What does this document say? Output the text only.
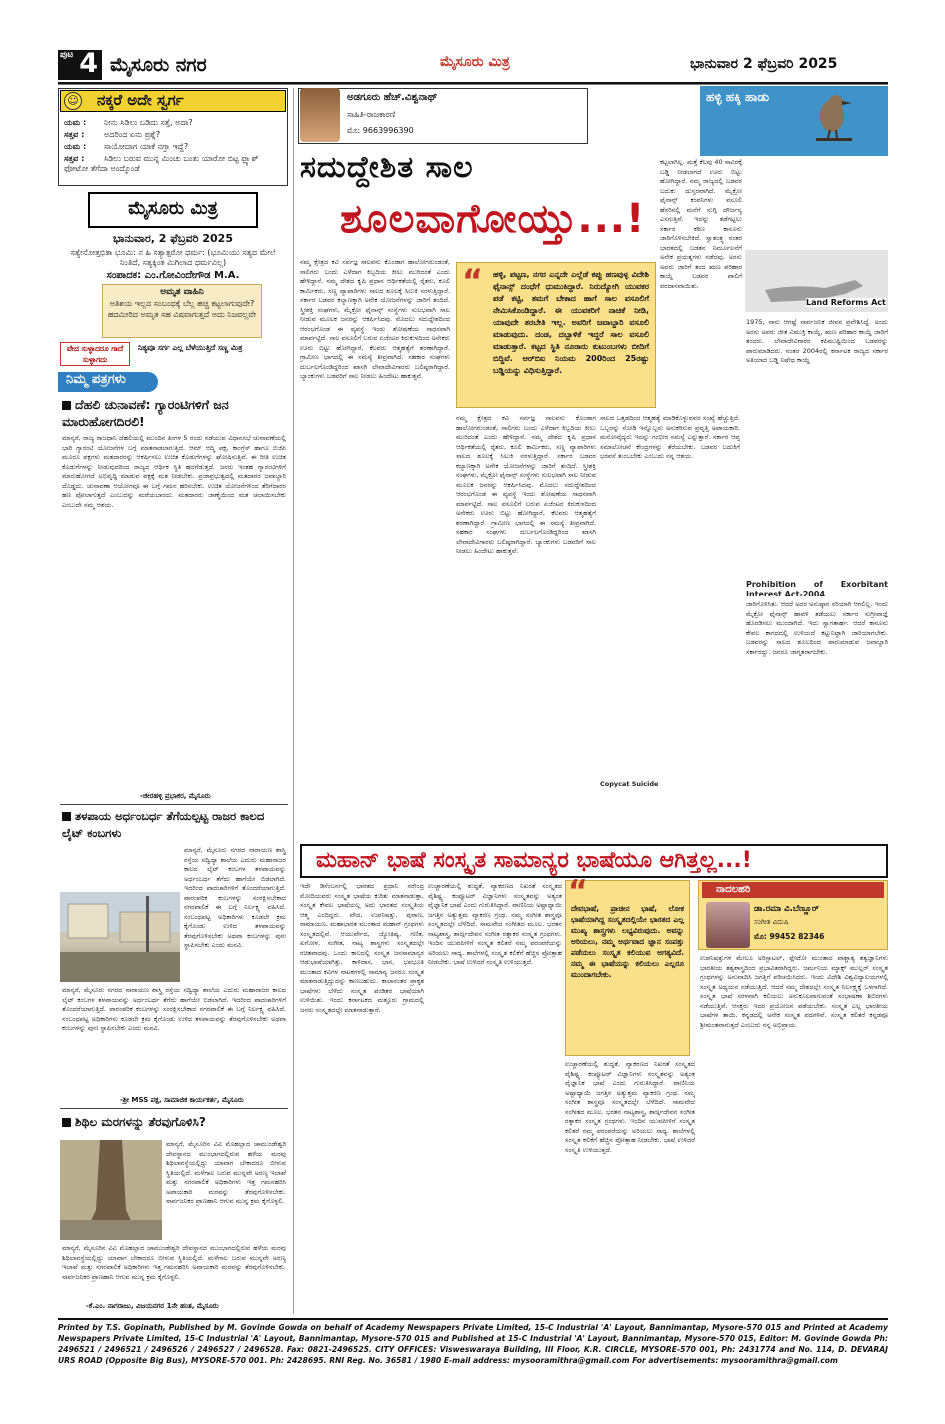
ಪುಟ 4 ಮೈಸೂರು ನಗರ	ಮೈಸೂರು ಮಿತ್ರ	ಭಾನುವಾರ 2 ಫೆಬ್ರವರಿ 2025
ನಕ್ಕರೆ ಅದೇ ಸ್ವರ್ಗ
☺
ಯಮ : ನೀನು ಸಿಡಿಲು ಬಡಿದು ಸತ್ತೆ, ಅದಾ?
ಸತ್ತವ : ಅದರಿಂದ ಏನು ಪ್ರಶ್ನೆ?
ಯಮ : ಸಾಯೋದಾಗ ಯಾಕೆ ನಗ್ತಾ ಇದ್ದೆ?
ಸತ್ತವ : ಸಿಡಿಲು ಬರುವ ಮುನ್ನ ಮಿಂಚು ಬಂತು ಯಾರೋ ಬಿಟ್ಟ ಫ್ಲ್ಯಾಶ್ ಫೋಟೋ ತೆಗೆದಾ ಅಂದ್ಕೊಂಡೆ
ಮೈಸೂರು ಮಿತ್ರ
ಭಾನುವಾರ, 2 ಫೆಬ್ರವರಿ 2025
ಸತ್ಯೇನೋತ್ತಭಿತಾ ಭೂಮಿ: ನ ಹಿ ಸತ್ಯಾತ್ಪರೋ ಧರ್ಮ: (ಭೂಮಿಯು ಸತ್ಯದ ಮೇಲೆ ನಿಂತಿದೆ, ಸತ್ಯಕ್ಕಿಂತ ಮಿಗಿಲಾದ ಧರ್ಮವಿಲ್ಲ)
ಸಂಪಾದಕ: ಎಂ.ಗೋವಿಂದೇಗೌಡ M.A.
ಅಮೃತ ವಾಹಿನಿ
ಅತಿಶಯ ಇಲ್ಲದ ಸಂಬಂಧಕ್ಕೆ ಬೆಲ್ಲ ಹಚ್ಚಿ ಕಟ್ಟಲಾಗುವುದೇ? ಹದಮೀರಿದ ಅಮೃತ ಸಹ ವಿಷವಾಗುತ್ತದೆ ಅದು ನಿಜವಲ್ಲವೇ
ವೇದ ಸುಳ್ಳಾದರೂ ಗಾದೆ ಸುಳ್ಳಾಗದು
ನಿತ್ಯವೂ ಸರ್ಗ ಎಲ್ಲ ಬೆಳೆಯುತ್ತಿದೆ ಸಣ್ಣ ಮಿತ್ರ
ನಿಮ್ಮ ಪತ್ರಗಳು
ದೆಹಲಿ ಚುನಾವಣೆ: ಗ್ಯಾರಂಟಿಗಳಿಗೆ ಜನ ಮಾರುಹೋಗದಿರಲಿ!
ಮಾನ್ಯರೆ, ರಾಜ್ಯ ರಾಜಧಾನಿ ದೆಹಲಿಯಲ್ಲಿ ಮುಂದಿನ ತಿಂಗಳ 5 ರಂದು ನಡೆಯುವ ವಿಧಾನಸಭೆ ಚುನಾವಣೆಯಲ್ಲಿ ಭಾರಿ ಗ್ಯಾರಂಟಿ ಯೋಜನೆಗಳ ಬಗ್ಗೆ ಮಾತನಾಡಲಾಗುತ್ತಿದೆ. ಆಮ್ ಆದ್ಮಿ ಪಕ್ಷ, ಕಾಂಗ್ರೆಸ್ ಹಾಗೂ ಬಿಜೆಪಿ ಮೂರೂ ಪಕ್ಷಗಳು ಮತದಾರರನ್ನು ಆಕರ್ಷಿಸಲು ಉಚಿತ ಕೊಡುಗೆಗಳನ್ನು ಘೋಷಿಸುತ್ತಿವೆ. ಈ ರೀತಿ ಉಚಿತ ಕೊಡುಗೆಗಳನ್ನು ನೀಡುವುದರಿಂದ ರಾಜ್ಯದ ಆರ್ಥಿಕ ಸ್ಥಿತಿ ಹದಗೆಡುತ್ತದೆ. ಜನರು ಇಂತಹ ಗ್ಯಾರಂಟಿಗಳಿಗೆ ಮಾರುಹೋಗದೆ ಅಭಿವೃದ್ಧಿ ಮಾಡುವ ಪಕ್ಷಕ್ಕೆ ಮತ ನೀಡಬೇಕು. ಪ್ರಜಾಪ್ರಭುತ್ವದಲ್ಲಿ ಮತದಾರರ ಜವಾಬ್ದಾರಿ ದೊಡ್ಡದು. ಚುನಾವಣಾ ಆಯೋಗವೂ ಈ ಬಗ್ಗೆ ಗಮನ ಹರಿಸಬೇಕು. ಉಚಿತ ಯೋಜನೆಗಳಿಂದ ತೆರಿಗೆದಾರರ ಹಣ ಪೋಲಾಗುತ್ತದೆ ಎಂಬುದನ್ನು ಮರೆಯಬಾರದು. ಮತದಾರರು ಜಾಣ್ಮೆಯಿಂದ ಮತ ಚಲಾಯಿಸಬೇಕು ಎಂಬುದೇ ನಮ್ಮ ಆಶಯ.
-ಜೀರಹಳ್ಳಿ ಪ್ರಭಾಕರ, ಮೈಸೂರು
ತಳಪಾಯ ಅರ್ಧಂಬರ್ಧ ತೆಗೆಯಲ್ಪಟ್ಟ ರಾಜರ ಕಾಲದ ಲೈಟ್ ಕಂಬಗಳು
ಮಾನ್ಯರೆ, ಮೈಸೂರು ನಗರದ ನಾರಾಯಣ ಶಾಸ್ತ್ರಿ ರಸ್ತೆಯ ಸದ್ವಿದ್ಯಾ ಶಾಲೆಯ ಎದುರು ಮಹಾರಾಜರ ಕಾಲದ ಲೈಟ್ ಕಂಬಗಳ ತಳಪಾಯವನ್ನು ಅರ್ಧಂಬರ್ಧ ತೆಗೆದು ಹಾಗೆಯೇ ಬಿಡಲಾಗಿದೆ. ಇದರಿಂದ ಪಾದಚಾರಿಗಳಿಗೆ ತೊಂದರೆಯಾಗುತ್ತಿದೆ. ಪಾರಂಪರಿಕ ಕಂಬಗಳನ್ನು ಸಂರಕ್ಷಿಸಬೇಕಾದ ನಗರಪಾಲಿಕೆ ಈ ಬಗ್ಗೆ ನಿರ್ಲಕ್ಷ್ಯ ವಹಿಸಿದೆ. ಸಂಬಂಧಪಟ್ಟ ಅಧಿಕಾರಿಗಳು ಕೂಡಲೇ ಕ್ರಮ ಕೈಗೊಂಡು ಉಳಿದ ತಳಪಾಯವನ್ನು ತೆರವುಗೊಳಿಸಬೇಕು ಅಥವಾ ಕಂಬಗಳನ್ನು ಪುನಃ ಸ್ಥಾಪಿಸಬೇಕು ಎಂದು ಮನವಿ.
ಮಾನ್ಯರೆ, ಮೈಸೂರು ನಗರದ ನಾರಾಯಣ ಶಾಸ್ತ್ರಿ ರಸ್ತೆಯ ಸದ್ವಿದ್ಯಾ ಶಾಲೆಯ ಎದುರು ಮಹಾರಾಜರ ಕಾಲದ ಲೈಟ್ ಕಂಬಗಳ ತಳಪಾಯವನ್ನು ಅರ್ಧಂಬರ್ಧ ತೆಗೆದು ಹಾಗೆಯೇ ಬಿಡಲಾಗಿದೆ. ಇದರಿಂದ ಪಾದಚಾರಿಗಳಿಗೆ ತೊಂದರೆಯಾಗುತ್ತಿದೆ. ಪಾರಂಪರಿಕ ಕಂಬಗಳನ್ನು ಸಂರಕ್ಷಿಸಬೇಕಾದ ನಗರಪಾಲಿಕೆ ಈ ಬಗ್ಗೆ ನಿರ್ಲಕ್ಷ್ಯ ವಹಿಸಿದೆ. ಸಂಬಂಧಪಟ್ಟ ಅಧಿಕಾರಿಗಳು ಕೂಡಲೇ ಕ್ರಮ ಕೈಗೊಂಡು ಉಳಿದ ತಳಪಾಯವನ್ನು ತೆರವುಗೊಳಿಸಬೇಕು ಅಥವಾ ಕಂಬಗಳನ್ನು ಪುನಃ ಸ್ಥಾಪಿಸಬೇಕು ಎಂದು ಮನವಿ.
-ಶ್ರೀ MSS ಪಕ್ಷ, ಸಾಮಾಜಿಕ ಕಾರ್ಯಕರ್ತ, ಮೈಸೂರು
ಶಿಥಿಲ ಮರಗಳನ್ನು ತೆರವುಗೊಳಿಸಿ?
ಮಾನ್ಯರೆ, ಮೈಸೂರಿನ ವಿವಿ ಮೊಹಲ್ಲಾದ ಚಾಮುಂಡೇಶ್ವರಿ ದೇವಸ್ಥಾನದ ಮುಂಭಾಗದಲ್ಲಿರುವ ಹಳೆಯ ಮರವು ಶಿಥಿಲಾವಸ್ಥೆಯಲ್ಲಿದ್ದು ಯಾವಾಗ ಬೇಕಾದರೂ ಬೀಳುವ ಸ್ಥಿತಿಯಲ್ಲಿದೆ. ಮಳೆಗಾಲ ಬರುವ ಮುನ್ನವೇ ಅರಣ್ಯ ಇಲಾಖೆ ಮತ್ತು ನಗರಪಾಲಿಕೆ ಅಧಿಕಾರಿಗಳು ಇತ್ತ ಗಮನಹರಿಸಿ ಅಪಾಯಕಾರಿ ಮರವನ್ನು ತೆರವುಗೊಳಿಸಬೇಕು. ಸಾರ್ವಜನಿಕರ ಪ್ರಾಣಹಾನಿ ಆಗುವ ಮುನ್ನ ಕ್ರಮ ಕೈಗೊಳ್ಳಲಿ.
ಮಾನ್ಯರೆ, ಮೈಸೂರಿನ ವಿವಿ ಮೊಹಲ್ಲಾದ ಚಾಮುಂಡೇಶ್ವರಿ ದೇವಸ್ಥಾನದ ಮುಂಭಾಗದಲ್ಲಿರುವ ಹಳೆಯ ಮರವು ಶಿಥಿಲಾವಸ್ಥೆಯಲ್ಲಿದ್ದು ಯಾವಾಗ ಬೇಕಾದರೂ ಬೀಳುವ ಸ್ಥಿತಿಯಲ್ಲಿದೆ. ಮಳೆಗಾಲ ಬರುವ ಮುನ್ನವೇ ಅರಣ್ಯ ಇಲಾಖೆ ಮತ್ತು ನಗರಪಾಲಿಕೆ ಅಧಿಕಾರಿಗಳು ಇತ್ತ ಗಮನಹರಿಸಿ ಅಪಾಯಕಾರಿ ಮರವನ್ನು ತೆರವುಗೊಳಿಸಬೇಕು. ಸಾರ್ವಜನಿಕರ ಪ್ರಾಣಹಾನಿ ಆಗುವ ಮುನ್ನ ಕ್ರಮ ಕೈಗೊಳ್ಳಲಿ.
-ಕೆ.ಎಂ. ನಾಗರಾಜು, ವಿಜಯನಗರ 1ನೇ ಹಂತ, ಮೈಸೂರು
ಅಡಗೂರು ಹೆಚ್.ವಿಶ್ವನಾಥ್
ಸಾಹಿತಿ-ರಾಜಕಾರಣಿ
ಮೊ: 9663996390
ಹಳ್ಳಿ ಹಕ್ಕಿ ಹಾಡು
ಸದುದ್ದೇಶಿತ ಸಾಲ
ಶೂಲವಾಗೋಯ್ತು...!
ನಮ್ಮ ಕ್ಷೇತ್ರದ ಕವಿ ಸರ್ವಜ್ಞ ಸಾಲವನು ಕೊಂಡಾಗ ಹಾಲೋಗರುಂಡಂತೆ, ಸಾಲಿಗರು ಬಂದು ಎಳೆದಾಗ ಕಿಬ್ಬದಿಯ ಕೀಲು ಮುರಿದಂತೆ ಎಂದು ಹೇಳಿದ್ದಾನೆ. ನಮ್ಮ ದೇಶದ ಕೃಷಿ ಪ್ರಧಾನ ಆರ್ಥಿಕತೆಯಲ್ಲಿ ರೈತರು, ಕೂಲಿ ಕಾರ್ಮಿಕರು, ಸಣ್ಣ ವ್ಯಾಪಾರಿಗಳು ಸಾಲದ ಶೂಲಕ್ಕೆ ಸಿಲುಕಿ ನರಳುತ್ತಿದ್ದಾರೆ. ಸರ್ಕಾರ ಬಡವರ ಕಲ್ಯಾಣಕ್ಕಾಗಿ ಅನೇಕ ಯೋಜನೆಗಳನ್ನು ಜಾರಿಗೆ ತಂದಿದೆ. ಸ್ತ್ರೀಶಕ್ತಿ ಸಂಘಗಳು, ಮೈಕ್ರೋ ಫೈನಾನ್ಸ್ ಸಂಸ್ಥೆಗಳು ಸುಲಭವಾಗಿ ಸಾಲ ನೀಡುವ ಮೂಲಕ ಜನರನ್ನು ಆಕರ್ಷಿಸಿದವು. ಮೊದಲು ಸದುದ್ದೇಶದಿಂದ ಆರಂಭಗೊಂಡ ಈ ವ್ಯವಸ್ಥೆ ಇಂದು ಶೋಷಣೆಯ ಸಾಧನವಾಗಿ ಮಾರ್ಪಟ್ಟಿದೆ. ಸಾಲ ವಸೂಲಿಗೆ ಬರುವ ಏಜೆಂಟರ ಕಿರುಕುಳದಿಂದ ಅನೇಕರು ಊರು ಬಿಟ್ಟು ಹೋಗಿದ್ದಾರೆ, ಕೆಲವರು ಆತ್ಮಹತ್ಯೆಗೆ ಶರಣಾಗಿದ್ದಾರೆ. ಗ್ರಾಮೀಣ ಭಾಗದಲ್ಲಿ ಈ ಸಮಸ್ಯೆ ತೀವ್ರವಾಗಿದೆ. ಸಹಕಾರ ಸಂಘಗಳು ದುರ್ಬಲಗೊಂಡಿದ್ದರಿಂದ ಖಾಸಗಿ ಲೇವಾದೇವಿಗಾರರು ಬಲಿಷ್ಠರಾಗಿದ್ದಾರೆ. ಬ್ಯಾಂಕುಗಳು ಬಡವರಿಗೆ ಸಾಲ ನೀಡಲು ಹಿಂದೇಟು ಹಾಕುತ್ತವೆ.
ಹಳ್ಳಿ, ಪಟ್ಟಣ, ನಗರ ಎನ್ನದೇ ಎಲ್ಲೆಡೆ ಕಪ್ಪು ಹಣವುಳ್ಳ ವಿದೇಶಿ ಫೈನಾನ್ಸ್ ದಂಧೆಗೆ ಧುಮುಕಿದ್ದಾರೆ. ನಿರುದ್ಯೋಗಿ ಯುವಕರ ಪಡೆ ಕಟ್ಟಿ, ತಮಗೆ ಬೇಕಾದ ಹಾಗೆ ಸಾಲ ವಸೂಲಿಗೆ ನೇಮಿಸಿಕೊಂಡಿದ್ದಾರೆ. ಈ ಯುವಕರಿಗೆ ನಾಚಿಕೆ ನೀಡಿ, ಯಾವುದೇ ತರಬೇತಿ ಇಲ್ಲ. ಅವರಿಗೆ ಜವಾಬ್ದಾರಿ ವಸೂಲಿ ಮಾಡುವುದು. ದಂಡ, ದಬ್ಬಾಳಿಕೆ ಇದ್ದರೆ ಸಾಲ ವಸೂಲಿ ಮಾಡುತ್ತಾರೆ. ಕಟ್ಟದ ಸ್ಥಿತಿ ನೂರಾರು ಕುಟುಂಬಗಳು ಬೀದಿಗೆ ಬಿದ್ದಿವೆ. ಆರ್‌ಬಿಐ ನಿಯಮ 200ರಿಂದ 25ರಷ್ಟು ಬಡ್ಡಿಯನ್ನು ವಿಧಿಸುತ್ತಿದ್ದಾರೆ.
“
ನಮ್ಮ ಕ್ಷೇತ್ರದ ಕವಿ ಸರ್ವಜ್ಞ ಸಾಲವನು ಕೊಂಡಾಗ ಹಾಲೋಗರುಂಡಂತೆ, ಸಾಲಿಗರು ಬಂದು ಎಳೆದಾಗ ಕಿಬ್ಬದಿಯ ಕೀಲು ಮುರಿದಂತೆ ಎಂದು ಹೇಳಿದ್ದಾನೆ. ನಮ್ಮ ದೇಶದ ಕೃಷಿ ಪ್ರಧಾನ ಆರ್ಥಿಕತೆಯಲ್ಲಿ ರೈತರು, ಕೂಲಿ ಕಾರ್ಮಿಕರು, ಸಣ್ಣ ವ್ಯಾಪಾರಿಗಳು ಸಾಲದ ಶೂಲಕ್ಕೆ ಸಿಲುಕಿ ನರಳುತ್ತಿದ್ದಾರೆ. ಸರ್ಕಾರ ಬಡವರ ಕಲ್ಯಾಣಕ್ಕಾಗಿ ಅನೇಕ ಯೋಜನೆಗಳನ್ನು ಜಾರಿಗೆ ತಂದಿದೆ. ಸ್ತ್ರೀಶಕ್ತಿ ಸಂಘಗಳು, ಮೈಕ್ರೋ ಫೈನಾನ್ಸ್ ಸಂಸ್ಥೆಗಳು ಸುಲಭವಾಗಿ ಸಾಲ ನೀಡುವ ಮೂಲಕ ಜನರನ್ನು ಆಕರ್ಷಿಸಿದವು. ಮೊದಲು ಸದುದ್ದೇಶದಿಂದ ಆರಂಭಗೊಂಡ ಈ ವ್ಯವಸ್ಥೆ ಇಂದು ಶೋಷಣೆಯ ಸಾಧನವಾಗಿ ಮಾರ್ಪಟ್ಟಿದೆ. ಸಾಲ ವಸೂಲಿಗೆ ಬರುವ ಏಜೆಂಟರ ಕಿರುಕುಳದಿಂದ ಅನೇಕರು ಊರು ಬಿಟ್ಟು ಹೋಗಿದ್ದಾರೆ, ಕೆಲವರು ಆತ್ಮಹತ್ಯೆಗೆ ಶರಣಾಗಿದ್ದಾರೆ. ಗ್ರಾಮೀಣ ಭಾಗದಲ್ಲಿ ಈ ಸಮಸ್ಯೆ ತೀವ್ರವಾಗಿದೆ. ಸಹಕಾರ ಸಂಘಗಳು ದುರ್ಬಲಗೊಂಡಿದ್ದರಿಂದ ಖಾಸಗಿ ಲೇವಾದೇವಿಗಾರರು ಬಲಿಷ್ಠರಾಗಿದ್ದಾರೆ. ಬ್ಯಾಂಕುಗಳು ಬಡವರಿಗೆ ಸಾಲ ನೀಡಲು ಹಿಂದೇಟು ಹಾಕುತ್ತವೆ.
ಸಾಲದ ಒತ್ತಡದಿಂದ ಆತ್ಮಹತ್ಯೆ ಮಾಡಿಕೊಳ್ಳುವವರ ಸಂಖ್ಯೆ ಹೆಚ್ಚುತ್ತಿದೆ. ಒಬ್ಬರನ್ನು ನೋಡಿ ಇನ್ನೊಬ್ಬರು ಅನುಕರಿಸುವ ಪ್ರವೃತ್ತಿ ಅಪಾಯಕಾರಿ. ಮನೋವೈದ್ಯರು ಇದನ್ನು ಗಂಭೀರ ಸಮಸ್ಯೆ ಎನ್ನುತ್ತಾರೆ. ಸರ್ಕಾರ ಆಪ್ತ ಸಮಾಲೋಚನೆ ಕೇಂದ್ರಗಳನ್ನು ತೆರೆಯಬೇಕು. ಬಡವರ ಬದುಕಿಗೆ ಭರವಸೆ ತುಂಬಬೇಕು ಎಂಬುದು ನನ್ನ ಆಶಯ.
Copycat Suicide
ಕಟ್ಟಲಾಗಿಲ್ಲ. ಮತ್ತೆ ಕೆಲವು 40 ಸಾವಿರಕ್ಕೆ ಬಡ್ಡಿ ನೀಡಲಾಗದೆ ಊರು ಬಿಟ್ಟು ಹೋಗಿದ್ದಾರೆ. ನಮ್ಮ ರಾಜ್ಯದಲ್ಲಿ ಬಡವರ ಬದುಕು ದುಸ್ತರವಾಗಿದೆ. ಮೈಕ್ರೋ ಫೈನಾನ್ಸ್ ಕಂಪನಿಗಳು ವಸೂಲಿ ಹೆಸರಿನಲ್ಲಿ ಮನೆಗೆ ನುಗ್ಗಿ ದೌರ್ಜನ್ಯ ಎಸಗುತ್ತಿವೆ. ಇದನ್ನು ತಡೆಗಟ್ಟಲು ಸರ್ಕಾರ ಕಠಿಣ ಕಾನೂನು ಜಾರಿಗೊಳಿಸಬೇಕಿದೆ. ಸ್ವಾತಂತ್ರ್ಯ ನಂತರ ಭಾರತದಲ್ಲಿ ಬಡತನ ನಿರ್ಮೂಲನೆಗೆ ಅನೇಕ ಪ್ರಯತ್ನಗಳು ನಡೆದವು. ಅರಸು ಅವರು ಜಾರಿಗೆ ತಂದ ಋಣ ಪರಿಹಾರ ಕಾಯ್ದೆ ಬಡವರ ಪಾಲಿಗೆ ವರದಾನವಾಯಿತು.
1975, ನಾನು ಆಗಷ್ಟೆ ಸಾರ್ವಜನಿಕ ಜೀವನ ಪ್ರವೇಶಿಸಿದ್ದೆ. ಅಂದು ಅರಸು ಅವರು ಜೀತ ವಿಮುಕ್ತಿ ಕಾಯ್ದೆ, ಋಣ ಪರಿಹಾರ ಕಾಯ್ದೆ ಜಾರಿಗೆ ತಂದರು. ಲೇವಾದೇವಿಗಾರರ ಕಪಿಮುಷ್ಟಿಯಿಂದ ಬಡವರನ್ನು ಪಾರುಮಾಡಿದರು. ನಂತರ 2004ರಲ್ಲಿ ಕರ್ನಾಟಕ ರಾಜ್ಯದ ಸರ್ಕಾರ ಅತಿಯಾದ ಬಡ್ಡಿ ನಿಷೇಧ ಕಾಯ್ದೆ
Prohibition of Exorbitant Interest Act-2004
ಜಾರಿಗೊಳಿಸಿತು. ಆದರೆ ಅದರ ಅನುಷ್ಠಾನ ಸರಿಯಾಗಿ ಆಗಲಿಲ್ಲ. ಇಂದು ಮೈಕ್ರೋ ಫೈನಾನ್ಸ್ ಹಾವಳಿ ತಡೆಯಲು ಸರ್ಕಾರ ಸುಗ್ರೀವಾಜ್ಞೆ ಹೊರಡಿಸಲು ಮುಂದಾಗಿದೆ. ಇದು ಸ್ವಾಗತಾರ್ಹ. ಆದರೆ ಕಾನೂನು ಕೇವಲ ಕಾಗದದಲ್ಲಿ ಉಳಿಯದೆ ಕಟ್ಟುನಿಟ್ಟಾಗಿ ಜಾರಿಯಾಗಬೇಕು. ಬಡವರನ್ನು ಸಾಲದ ಶೂಲದಿಂದ ಪಾರುಮಾಡುವ ಜವಾಬ್ದಾರಿ ಸರ್ಕಾರದ್ದು. ಜನರೂ ಜಾಗೃತರಾಗಬೇಕು.
Land Reforms Act
ಮಹಾನ್ ಭಾಷೆ ಸಂಸ್ಕೃತ ಸಾಮಾನ್ಯರ ಭಾಷೆಯೂ ಆಗಿತ್ತಲ್ಲ...!
ಇದೇ ಡಿಸೆಂಬರ್ನಲ್ಲಿ ಭಾರತದ ಪ್ರಧಾನಿ ನರೇಂದ್ರ ಮೋದಿಯವರು ಸಂಸ್ಕೃತ ಭಾಷೆಯ ಕುರಿತು ಮಾತನಾಡುತ್ತಾ, ಸಂಸ್ಕೃತ ಕೇವಲ ಭಾಷೆಯಲ್ಲ ಅದು ಭಾರತದ ಸಂಸ್ಕೃತಿಯ ಆತ್ಮ ಎಂದಿದ್ದರು. ವೇದ, ಉಪನಿಷತ್ತು, ಪುರಾಣ, ರಾಮಾಯಣ, ಮಹಾಭಾರತ ಮುಂತಾದ ಮಹಾನ್ ಗ್ರಂಥಗಳು ಸಂಸ್ಕೃತದಲ್ಲಿವೆ. ಆಯುರ್ವೇದ, ಜ್ಯೋತಿಷ್ಯ, ಗಣಿತ, ಖಗೋಳ, ಸಂಗೀತ, ನಾಟ್ಯ ಶಾಸ್ತ್ರಗಳು ಸಂಸ್ಕೃತದಲ್ಲೇ ರಚಿತವಾದವು. ಒಂದು ಕಾಲದಲ್ಲಿ ಸಂಸ್ಕೃತ ಜನಸಾಮಾನ್ಯರ ಆಡುಭಾಷೆಯಾಗಿತ್ತು. ಕಾಳಿದಾಸ, ಭಾಸ, ಭವಭೂತಿ ಮುಂತಾದ ಕವಿಗಳ ನಾಟಕಗಳಲ್ಲಿ ಸಾಮಾನ್ಯ ಜನರೂ ಸಂಸ್ಕೃತ ಮಾತನಾಡುತ್ತಿದ್ದುದನ್ನು ಕಾಣಬಹುದು. ಕಾಲಾನಂತರ ಪ್ರಾಕೃತ ಭಾಷೆಗಳು ಬೆಳೆದು ಸಂಸ್ಕೃತ ಪಂಡಿತರ ಭಾಷೆಯಾಗಿ ಉಳಿಯಿತು. ಇಂದು ಕರ್ನಾಟಕದ ಮತ್ತೂರು ಗ್ರಾಮದಲ್ಲಿ ಜನರು ಸಂಸ್ಕೃತದಲ್ಲೇ ಮಾತನಾಡುತ್ತಾರೆ.
ಉಚ್ಚಾರಣೆಯಲ್ಲಿ ಶುದ್ಧತೆ, ವ್ಯಾಕರಣದ ನಿಖರತೆ ಸಂಸ್ಕೃತದ ವೈಶಿಷ್ಟ್ಯ. ಕಂಪ್ಯೂಟರ್ ವಿಜ್ಞಾನಿಗಳು ಸಂಸ್ಕೃತವನ್ನು ಅತ್ಯಂತ ವೈಜ್ಞಾನಿಕ ಭಾಷೆ ಎಂದು ಗುರುತಿಸಿದ್ದಾರೆ. ಪಾಣಿನಿಯ ಅಷ್ಟಾಧ್ಯಾಯಿ ಜಗತ್ತಿನ ಅತ್ಯುತ್ತಮ ವ್ಯಾಕರಣ ಗ್ರಂಥ. ನಮ್ಮ ಸಂಗೀತ ಶಾಸ್ತ್ರವೂ ಸಂಸ್ಕೃತದಲ್ಲೇ ಬೆಳೆದಿದೆ. ಸಾಮವೇದ ಸಂಗೀತದ ಮೂಲ. ಭರತನ ನಾಟ್ಯಶಾಸ್ತ್ರ, ಶಾರ್ಙ್ಗದೇವನ ಸಂಗೀತ ರತ್ನಾಕರ ಸಂಸ್ಕೃತ ಗ್ರಂಥಗಳು. ಇಂದಿನ ಯುವಪೀಳಿಗೆ ಸಂಸ್ಕೃತ ಕಲಿತರೆ ನಮ್ಮ ಪರಂಪರೆಯನ್ನು ಅರಿಯಲು ಸಾಧ್ಯ. ಶಾಲೆಗಳಲ್ಲಿ ಸಂಸ್ಕೃತ ಕಲಿಕೆಗೆ ಹೆಚ್ಚಿನ ಪ್ರೋತ್ಸಾಹ ನೀಡಬೇಕು. ಭಾಷೆ ಉಳಿದರೆ ಸಂಸ್ಕೃತಿ ಉಳಿಯುತ್ತದೆ.
ದೇವಭಾಷೆ, ಪ್ರಾಚೀನ ಭಾಷೆ, ಲೋಕ ಭಾಷೆಯಾಗಿದ್ದ ಸಂಸ್ಕೃತದಲ್ಲಿಯೇ ಭಾರತದ ಎಲ್ಲ ಮುಖ್ಯ ಶಾಸ್ತ್ರಗಳು ಲಭ್ಯವಿರುವುದು. ಅವನ್ನು ಅರಿಯಲು, ನಮ್ಮ ಅರ್ಥವಾದ ಜ್ಞಾನ ಸಂಪತ್ತು ಪಡೆಯಲು ಸಂಸ್ಕೃತ ಕಲಿಯುವ ಅಗತ್ಯವಿದೆ. ನಮ್ಮ ಈ ಭಾಷೆಯನ್ನು ಕಲಿಯಲು ಎಲ್ಲರೂ ಮುಂದಾಗಬೇಕು.
“
ಉಚ್ಚಾರಣೆಯಲ್ಲಿ ಶುದ್ಧತೆ, ವ್ಯಾಕರಣದ ನಿಖರತೆ ಸಂಸ್ಕೃತದ ವೈಶಿಷ್ಟ್ಯ. ಕಂಪ್ಯೂಟರ್ ವಿಜ್ಞಾನಿಗಳು ಸಂಸ್ಕೃತವನ್ನು ಅತ್ಯಂತ ವೈಜ್ಞಾನಿಕ ಭಾಷೆ ಎಂದು ಗುರುತಿಸಿದ್ದಾರೆ. ಪಾಣಿನಿಯ ಅಷ್ಟಾಧ್ಯಾಯಿ ಜಗತ್ತಿನ ಅತ್ಯುತ್ತಮ ವ್ಯಾಕರಣ ಗ್ರಂಥ. ನಮ್ಮ ಸಂಗೀತ ಶಾಸ್ತ್ರವೂ ಸಂಸ್ಕೃತದಲ್ಲೇ ಬೆಳೆದಿದೆ. ಸಾಮವೇದ ಸಂಗೀತದ ಮೂಲ. ಭರತನ ನಾಟ್ಯಶಾಸ್ತ್ರ, ಶಾರ್ಙ್ಗದೇವನ ಸಂಗೀತ ರತ್ನಾಕರ ಸಂಸ್ಕೃತ ಗ್ರಂಥಗಳು. ಇಂದಿನ ಯುವಪೀಳಿಗೆ ಸಂಸ್ಕೃತ ಕಲಿತರೆ ನಮ್ಮ ಪರಂಪರೆಯನ್ನು ಅರಿಯಲು ಸಾಧ್ಯ. ಶಾಲೆಗಳಲ್ಲಿ ಸಂಸ್ಕೃತ ಕಲಿಕೆಗೆ ಹೆಚ್ಚಿನ ಪ್ರೋತ್ಸಾಹ ನೀಡಬೇಕು. ಭಾಷೆ ಉಳಿದರೆ ಸಂಸ್ಕೃತಿ ಉಳಿಯುತ್ತದೆ.
ನಾದಲಹರಿ
ಡಾ.ರಮಾ ವಿ.ಬೆಣ್ಣೂರ್
ಸಂಗೀತ ವಿದುಷಿ
ಮೊ: 99452 82346
ಉಪನಿಷತ್ತುಗಳ ಮೇಲೂ ಅರಿಸ್ಟಾಟಲ್, ಪ್ಲೇಟೋ ಮುಂತಾದ ಪಾಶ್ಚಾತ್ಯ ತತ್ವಜ್ಞಾನಿಗಳು ಭಾರತೀಯ ತತ್ವಶಾಸ್ತ್ರದಿಂದ ಪ್ರಭಾವಿತರಾಗಿದ್ದರು. ಜರ್ಮನಿಯ ಮ್ಯಾಕ್ಸ್ ಮುಲ್ಲರ್ ಸಂಸ್ಕೃತ ಗ್ರಂಥಗಳನ್ನು ಅನುವಾದಿಸಿ ಜಗತ್ತಿಗೆ ಪರಿಚಯಿಸಿದರು. ಇಂದು ವಿದೇಶಿ ವಿಶ್ವವಿದ್ಯಾಲಯಗಳಲ್ಲಿ ಸಂಸ್ಕೃತ ಅಧ್ಯಯನ ನಡೆಯುತ್ತಿದೆ. ಆದರೆ ನಮ್ಮ ದೇಶದಲ್ಲೇ ಸಂಸ್ಕೃತ ನಿರ್ಲಕ್ಷ್ಯಕ್ಕೆ ಒಳಗಾಗಿದೆ. ಸಂಸ್ಕೃತ ಭಾಷೆ ಸರಳವಾಗಿ ಕಲಿಯಲು ಅನುಕೂಲವಾಗುವಂತೆ ಸಂಭಾಷಣಾ ಶಿಬಿರಗಳು ನಡೆಯುತ್ತಿವೆ. ಆಸಕ್ತರು ಇದರ ಪ್ರಯೋಜನ ಪಡೆಯಬೇಕು. ಸಂಸ್ಕೃತ ಎಲ್ಲ ಭಾರತೀಯ ಭಾಷೆಗಳ ತಾಯಿ. ಕನ್ನಡದಲ್ಲಿ ಅನೇಕ ಸಂಸ್ಕೃತ ಪದಗಳಿವೆ. ಸಂಸ್ಕೃತ ಕಲಿತರೆ ಕನ್ನಡವೂ ಶ್ರೀಮಂತವಾಗುತ್ತದೆ ಎಂಬುದು ನನ್ನ ಅಭಿಪ್ರಾಯ.
Printed by T.S. Gopinath, Published by M. Govinde Gowda on behalf of Academy Newspapers Private Limited, 15-C Industrial 'A' Layout, Bannimantap, Mysore-570 015 and Printed at Academy Newspapers Private Limited, 15-C Industrial 'A' Layout, Bannimantap, Mysore-570 015 and Published at 15-C Industrial 'A' Layout, Bannimantap, Mysore-570 015, Editor: M. Govinde Gowda Ph: 2496521 / 2496521 / 2496526 / 2496527 / 2496528. Fax: 0821-2496525. CITY OFFICES: Visweswaraya Building, III Floor, K.R. CIRCLE, MYSORE-570 001, Ph: 2431774 and No. 114, D. DEVARAJ URS ROAD (Opposite Big Bus), MYSORE-570 001. Ph: 2428695. RNI Reg. No. 36581 / 1980 E-mail address: mysooramithra@gmail.com For advertisements: mysooramithra@gmail.com
